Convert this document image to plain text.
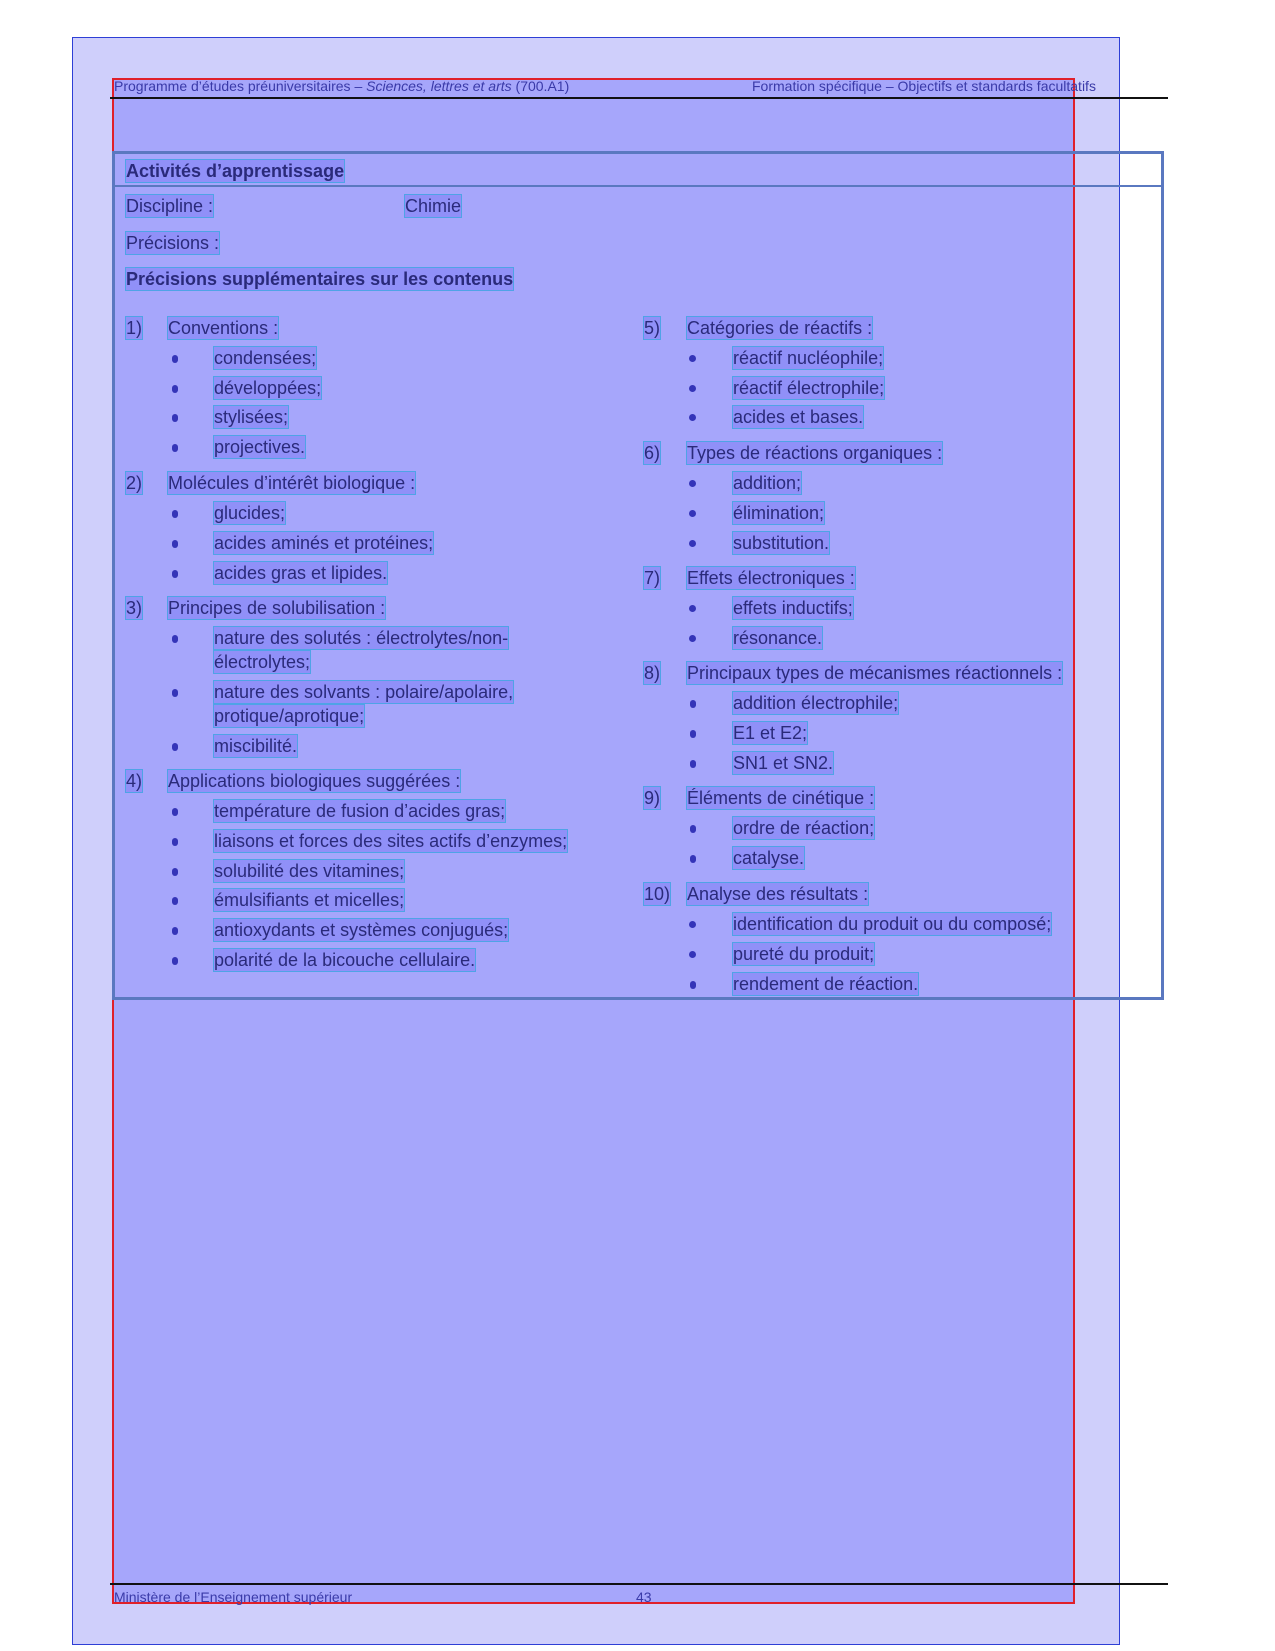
Programme d’études préuniversitaires – Sciences, lettres et arts (700.A1)	Formation spécifique – Objectifs et standards facultatifs
Activités d’apprentissage
Discipline :	Chimie
Précisions :
Précisions supplémentaires sur les contenus
1) Conventions :
condensées;
développées;
stylisées;
projectives.
2) Molécules d’intérêt biologique :
glucides;
acides aminés et protéines;
acides gras et lipides.
3) Principes de solubilisation :
nature des solutés : électrolytes/non-
électrolytes;
nature des solvants : polaire/apolaire,
protique/aprotique;
miscibilité.
4) Applications biologiques suggérées :
température de fusion d’acides gras;
liaisons et forces des sites actifs d’enzymes;
solubilité des vitamines;
émulsifiants et micelles;
antioxydants et systèmes conjugués;
polarité de la bicouche cellulaire.
5) Catégories de réactifs :
réactif nucléophile;
réactif électrophile;
acides et bases.
6) Types de réactions organiques :
addition;
élimination;
substitution.
7) Effets électroniques :
effets inductifs;
résonance.
8) Principaux types de mécanismes réactionnels :
addition électrophile;
E1 et E2;
SN1 et SN2.
9) Éléments de cinétique :
ordre de réaction;
catalyse.
10) Analyse des résultats :
identification du produit ou du composé;
pureté du produit;
rendement de réaction.
Ministère de l’Enseignement supérieur	43
